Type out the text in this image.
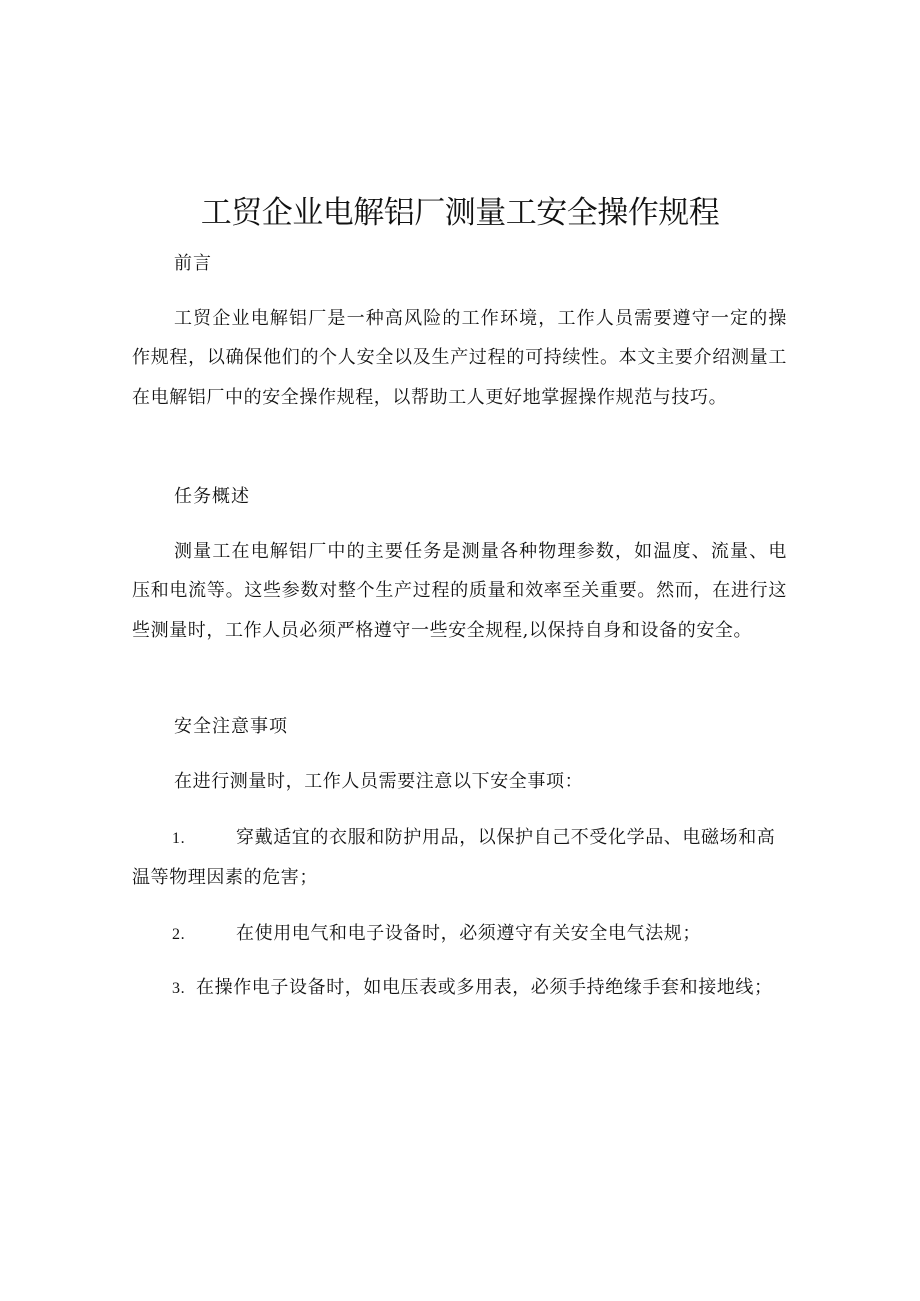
工贸企业电解铝厂测量工安全操作规程
前言

工贸企业电解铝厂是一种高风险的工作环境，工作人员需要遵守一定的操作规程，以确保他们的个人安全以及生产过程的可持续性。本文主要介绍测量工在电解铝厂中的安全操作规程，以帮助工人更好地掌握操作规范与技巧。

任务概述

测量工在电解铝厂中的主要任务是测量各种物理参数，如温度、流量、电压和电流等。这些参数对整个生产过程的质量和效率至关重要。然而，在进行这些测量时，工作人员必须严格遵守一些安全规程,以保持自身和设备的安全。

安全注意事项

在进行测量时，工作人员需要注意以下安全事项：

1.	穿戴适宜的衣服和防护用品，以保护自己不受化学品、电磁场和高温等物理因素的危害；

2.	在使用电气和电子设备时，必须遵守有关安全电气法规；

3. 在操作电子设备时，如电压表或多用表，必须手持绝缘手套和接地线；
